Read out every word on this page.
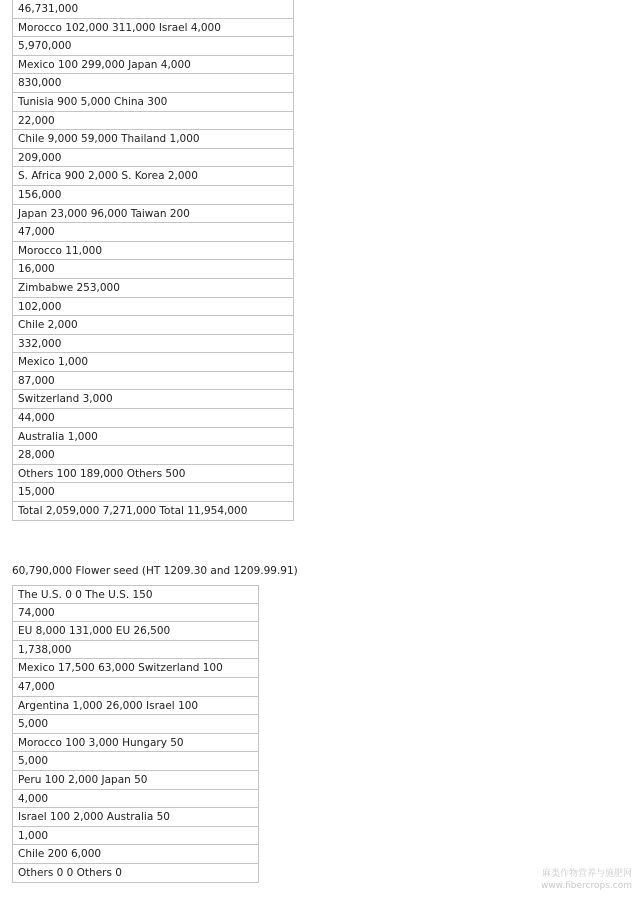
46,731,000
Morocco 102,000 311,000 Israel 4,000
5,970,000
Mexico 100 299,000 Japan 4,000
830,000
Tunisia 900 5,000 China 300
22,000
Chile 9,000 59,000 Thailand 1,000
209,000
S. Africa 900 2,000 S. Korea 2,000
156,000
Japan 23,000 96,000 Taiwan 200
47,000
Morocco 11,000
16,000
Zimbabwe 253,000
102,000
Chile 2,000
332,000
Mexico 1,000
87,000
Switzerland 3,000
44,000
Australia 1,000
28,000
Others 100 189,000 Others 500
15,000
Total 2,059,000 7,271,000 Total 11,954,000
60,790,000 Flower seed (HT 1209.30 and 1209.99.91)
The U.S. 0 0 The U.S. 150
74,000
EU 8,000 131,000 EU 26,500
1,738,000
Mexico 17,500 63,000 Switzerland 100
47,000
Argentina 1,000 26,000 Israel 100
5,000
Morocco 100 3,000 Hungary 50
5,000
Peru 100 2,000 Japan 50
4,000
Israel 100 2,000 Australia 50
1,000
Chile 200 6,000
Others 0 0 Others 0	麻类作物营养与施肥网
www.fibercrops.com
